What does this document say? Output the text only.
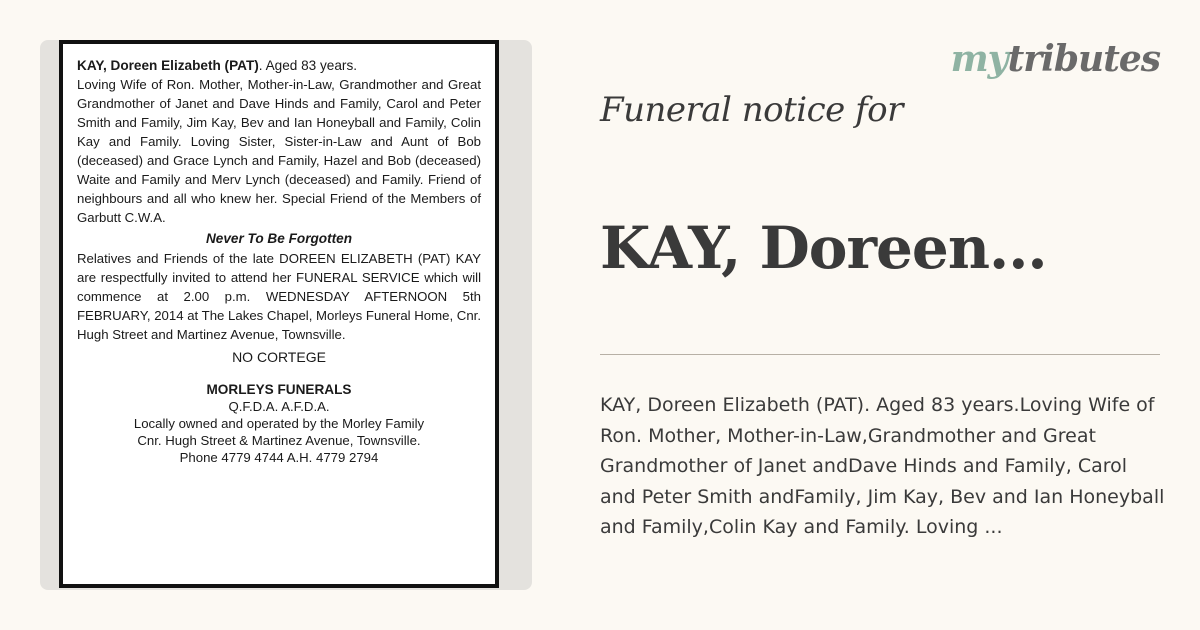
KAY, Doreen Elizabeth (PAT). Aged 83 years.

Loving Wife of Ron. Mother, Mother-in-Law, Grandmother and Great Grandmother of Janet and Dave Hinds and Family, Carol and Peter Smith and Family, Jim Kay, Bev and Ian Honeyball and Family, Colin Kay and Family. Loving Sister, Sister-in-Law and Aunt of Bob (deceased) and Grace Lynch and Family, Hazel and Bob (deceased) Waite and Family and Merv Lynch (deceased) and Family. Friend of neighbours and all who knew her. Special Friend of the Members of Garbutt C.W.A.

Never To Be Forgotten

Relatives and Friends of the late DOREEN ELIZABETH (PAT) KAY are respectfully invited to attend her FUNERAL SERVICE which will commence at 2.00 p.m. WEDNESDAY AFTERNOON 5th FEBRUARY, 2014 at The Lakes Chapel, Morleys Funeral Home, Cnr. Hugh Street and Martinez Avenue, Townsville.

NO CORTEGE
MORLEYS FUNERALS
Q.F.D.A. A.F.D.A.
Locally owned and operated by the Morley Family
Cnr. Hugh Street & Martinez Avenue, Townsville.
Phone 4779 4744 A.H. 4779 2794
mytributes
Funeral notice for
KAY, Doreen...
KAY, Doreen Elizabeth (PAT). Aged 83 years.Loving Wife of Ron. Mother, Mother-in-Law,Grandmother and Great Grandmother of Janet andDave Hinds and Family, Carol and Peter Smith andFamily, Jim Kay, Bev and Ian Honeyball and Family,Colin Kay and Family. Loving ...
